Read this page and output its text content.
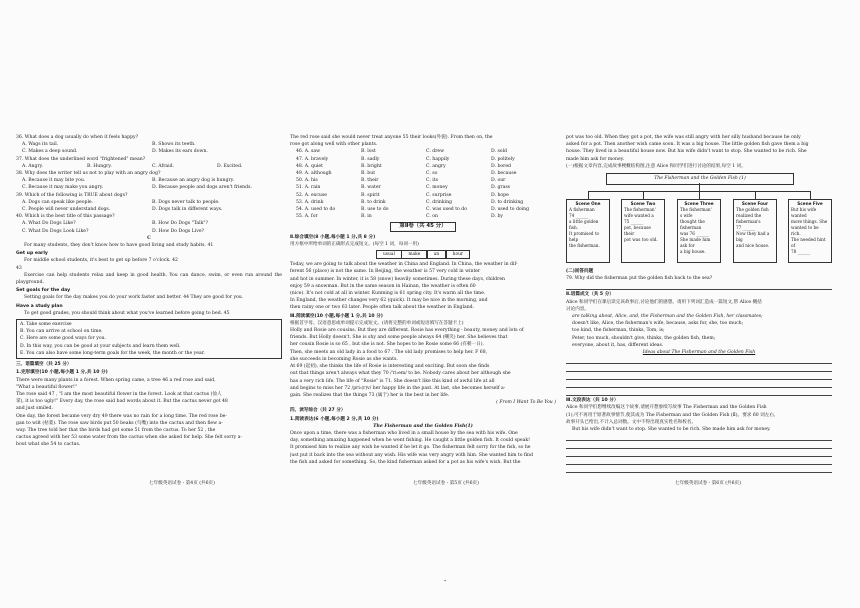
36. What does a dog usually do when it feels happy?

A. Wags its tail.	B. Shows its teeth.
C. Makes a deep sound.	D. Makes its ears down.

37. What does the underlined word "frightened" mean?

A. Angry.	B. Hungry.	C. Afraid.	D. Excited.

38. Why does the writer tell us not to play with an angry dog?

A. Because it may bite you.	B. Because an angry dog is hungry.
C. Because it may make you angry.	D. Because people and dogs aren't friends.

39. Which of the following is TRUE about dogs?

A. Dogs can speak like people.	B. Dogs never talk to people.
C. People will never understand dogs.	D. Dogs talk in different ways.

40. Which is the best title of this passage?

A. What Do Dogs Like?	B. How Do Dogs "Talk"?
C. What Do Dogs Look Like?	D. How Do Dogs Live?

C

For many students, they don't know how to have good living and study habits. 41

Get up early

For middle school students, it's best to get up before 7 o'clock. 42

43

Exercise can help students relax and keep in good health. You can dance, swim, or even run around the playground.

Set goals for the day

Setting goals for the day makes you do your work faster and better. 44 They are good for you.

Have a study plan

To get good grades, you should think about what you've learned before going to bed. 45

A. Take some exercise

B. You can arrive at school on time.

C. Here are some good ways for you.

D. In this way, you can be good at your subjects and learn them well.

E. You can also have some long-term goals for the week, the month or the year.

三、语篇填空（共 25 分）

1.完形填空(10 小题,每小题 1 分,共 10 分)

There were many plants in a forest. When spring came, a tree 46 a red rose and said,

"What a beautiful flower!"

The rose said 47 , "I am the most beautiful flower in the forest. Look at that cactus (仙人

掌), it is too ugly!" Every day, the rose said bad words about it. But the cactus never got 48

and just smiled.

One day, the forest became very dry 49 there was no rain for a long time. The red rose be-

gan to wilt (枯萎). The rose saw birds put 50 beaks (鸟嘴) into the cactus and then flew a-

way. The tree told her that the birds had got some 51 from the cactus. To her 52 , the

cactus agreed with her 53 some water from the cactus when she asked for help. She felt sorry a-

bout what she 54 to cactus.

The red rose said she would never treat anyone 55 their looks(外貌). From then on, the

rose got along well with other plants.

46. A. saw	B. lost	C. drew	D. sold
47. A. bravely	B. sadly	C. happily	D. politely
48. A. quiet	B. bright	C. angry	D. bored
49. A. although	B. but	C. so	D. because
50. A. his	B. their	C. its	D. our
51. A. rain	B. water	C. money	D. grass
52. A. excuse	B. spirit	C. surprise	D. hope
53. A. drink	B. to drink	C. drinking	D. to drinking
54. A. used to do	B. use to do	C. was used to do	D. used to doing
55. A. for	B. in	C. on	D. by
第Ⅱ卷（共 45 分）

Ⅱ.综合填空(8 小题,每小题 1 分,共 8 分)

用方框中所给单词的正确形式完成短文。(每空 1 词，每词一用)

usual	make	an	hour

Today, we are going to talk about the weather in China and England. In China, the weather in dif-

ferent 56 (place) is not the same. In Beijing, the weather is 57 very cold in winter

and hot in summer. In winter, it is 58 (snow) heavily sometimes. During these days, children

enjoy 59 a snowman. But in the same season in Hainan, the weather is often 60

(nice). It's not cold at all in winter. Kunming is 61 spring city. It's warm all the time.

In England, the weather changes very 62 (quick). It may be nice in the morning, and

then rainy one or two 63 later. People often talk about the weather in England.

Ⅲ.阅读填空(10 小题,每小题 1 分,共 10 分)

根据首字母、汉语意思或单词提示完成短文。(请将完整的单词或短语填写在答题卡上)

Holly and Rosie are cousins. But they are different. Rosie has everything - beauty, money and lots of

friends. But Holly doesn't. She is shy and some people always 64 (嘲笑) her. She believes that

her cousin Rosie is so 65 , but she is not. She hopes to be Rosie some 66 (有朝一日).

Then, she meets an old lady in a food to 67 . The old lady promises to help her. F 68,

she succeeds in becoming Rosie as she wants.

At 69 (起初), she thinks the life of Rosie is interesting and exciting. But soon she finds

out that things aren't always what they 70 /'ri:em/ to be. Nobody cares about her although she

has a very rich life. The life of "Rosie" is 71. She doesn't like this kind of awful life at all

and begins to miss her 72 /pri:(r)v/ her happy life in the past. At last, she becomes herself a-

gain. She realizes that the things 73 (属于) her is the best in her life.

( From I Want To Be You )

四、读写综合（共 27 分）

1.阅读表达(6 小题,每小题 2 分,共 10 分)

The Fisherman and the Golden Fish(1)

Once upon a time, there was a fisherman who lived in a small house by the sea with his wife. One

day, something amazing happened when he went fishing. He caught a little golden fish. It could speak!

It promised him to realize any wish he wanted if he let it go. The fisherman felt sorry for the fish, so he

just put it back into the sea without any wish. His wife was very angry with him. She wanted him to find

the fish and asked for something. So, the kind fisherman asked for a pot as his wife's wish. But the

pot was too old. When they got a pot, the wife was still angry with her silly husband because he only

asked for a pot. Then another wish came soon. It was a big house. The little golden fish gave them a big

house. They lived in a beautiful house now. But his wife didn't want to stop. She wanted to be rich. She

made him ask for money.

(一)根据文章内容,完成故事梗概结构图,注意 Alice 和同学们进行讨论的结果,每空 1 词。

The Fisherman and the Golden Fish (1)
Scene One
A fisherman
74 ______
a little golden fish.
It promised to help
the fisherman.
Scene Two
The fisherman'
wife wanted a
75 ______
pot, because their
pot was too old.
Scene Three
The fisherman'
s wife
thought the fisherman
was 76 ______
She made him ask for
a big house.
Scene Four
The golden fish
realized the
fisherman's
77 ______
Now they had a big
and nice house.
Scene Five
But his wife wanted
more things. She
wanted to be rich.
The needed hint of
78 ______

(二)回答问题

79. Why did the fisherman put the golden fish back to the sea?

Ⅱ.语篇成文（共 5 分）

Alice 和同学们在课后读完该故事后,讨论他们的感想。请用下列词汇造成一篇短文,帮 Alice 概括

讨论内容。

are talking about, Alice, and, the Fisherman and the Golden Fish, her classmates;

doesn't like, Alice, the fisherman's wife, because, asks for, she, too much;

too kind, the fisherman, thinks, Tom, is;

Peter, too much, shouldn't give, thinks, the golden fish, them;

everyone, about it, has, different ideas.

Ideas about The Fisherman and the Golden Fish

Ⅲ.文段表达（共 10 分）

Alice 和同学们想继续改编这个故事,请展开想象续写故事 The Fisherman and the Golden Fish

(1),可不再用于原著故事情节,使其成为 The Fisherman and the Golden Fish (Ⅱ)。要求 60 词左右,

故事开头已给出,不计入总词数。文中不得出现真实姓名和校名。

But his wife didn't want to stop. She wanted to be rich. She made him ask for money.

七年级英语试卷 - 第4页 (共6页)	七年级英语试卷 - 第5页 (共6页)	七年级英语试卷 - 第6页 (共6页)
-
